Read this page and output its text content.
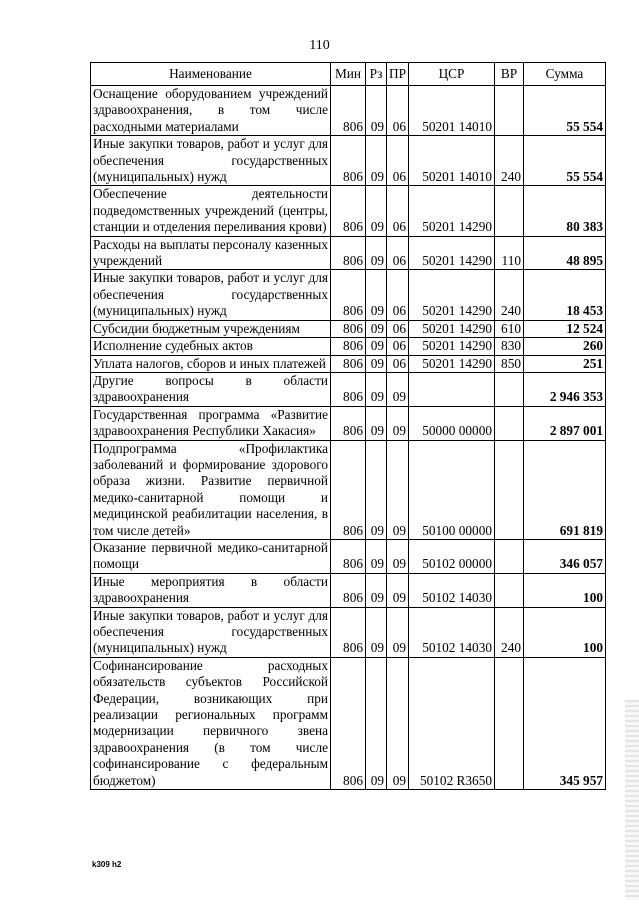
110
Наименование	Мин	Рз	ПР	ЦСР	ВР	Сумма
Оснащение оборудованием учреждений здравоохранения, в том числе расходными материалами	806	09	06	50201 14010		55 554
Иные закупки товаров, работ и услуг для обеспечения государственных (муниципальных) нужд	806	09	06	50201 14010	240	55 554
Обеспечение деятельности подведомственных учреждений (центры, станции и отделения переливания крови)	806	09	06	50201 14290		80 383
Расходы на выплаты персоналу казенных учреждений	806	09	06	50201 14290	110	48 895
Иные закупки товаров, работ и услуг для обеспечения государственных (муниципальных) нужд	806	09	06	50201 14290	240	18 453
Субсидии бюджетным учреждениям	806	09	06	50201 14290	610	12 524
Исполнение судебных актов	806	09	06	50201 14290	830	260
Уплата налогов, сборов и иных платежей	806	09	06	50201 14290	850	251
Другие вопросы в области здравоохранения	806	09	09			2 946 353
Государственная программа «Развитие здравоохранения Республики Хакасия»	806	09	09	50000 00000		2 897 001
Подпрограмма «Профилактика заболеваний и формирование здорового образа жизни. Развитие первичной медико-санитарной помощи и медицинской реабилитации населения, в том числе детей»	806	09	09	50100 00000		691 819
Оказание первичной медико-санитарной помощи	806	09	09	50102 00000		346 057
Иные мероприятия в области здравоохранения	806	09	09	50102 14030		100
Иные закупки товаров, работ и услуг для обеспечения государственных (муниципальных) нужд	806	09	09	50102 14030	240	100
Софинансирование расходных обязательств субъектов Российской Федерации, возникающих при реализации региональных программ модернизации первичного звена здравоохранения (в том числе софинансирование с федеральным бюджетом)	806	09	09	50102 R3650		345 957
k309 h2
